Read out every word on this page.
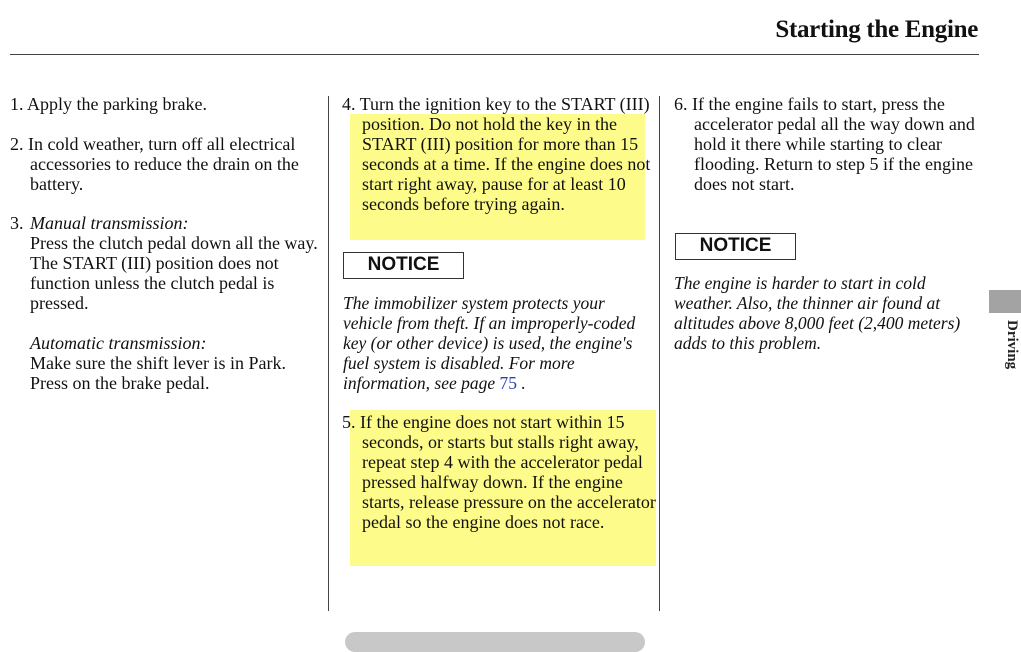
Starting the Engine
1. Apply the parking brake.
2. In cold weather, turn off all electrical accessories to reduce the drain on the battery.
3. Manual transmission:
Press the clutch pedal down all the way. The START (III) position does not function unless the clutch pedal is pressed.
Automatic transmission:
Make sure the shift lever is in Park. Press on the brake pedal.
4. Turn the ignition key to the START (III) position. Do not hold the key in the START (III) position for more than 15 seconds at a time. If the engine does not start right away, pause for at least 10 seconds before trying again.
NOTICE
The immobilizer system protects your vehicle from theft. If an improperly-coded key (or other device) is used, the engine's fuel system is disabled. For more information, see page 75 .
5. If the engine does not start within 15 seconds, or starts but stalls right away, repeat step 4 with the accelerator pedal pressed halfway down. If the engine starts, release pressure on the accelerator pedal so the engine does not race.
6. If the engine fails to start, press the accelerator pedal all the way down and hold it there while starting to clear flooding. Return to step 5 if the engine does not start.
NOTICE
The engine is harder to start in cold weather. Also, the thinner air found at altitudes above 8,000 feet (2,400 meters) adds to this problem.	Driving
